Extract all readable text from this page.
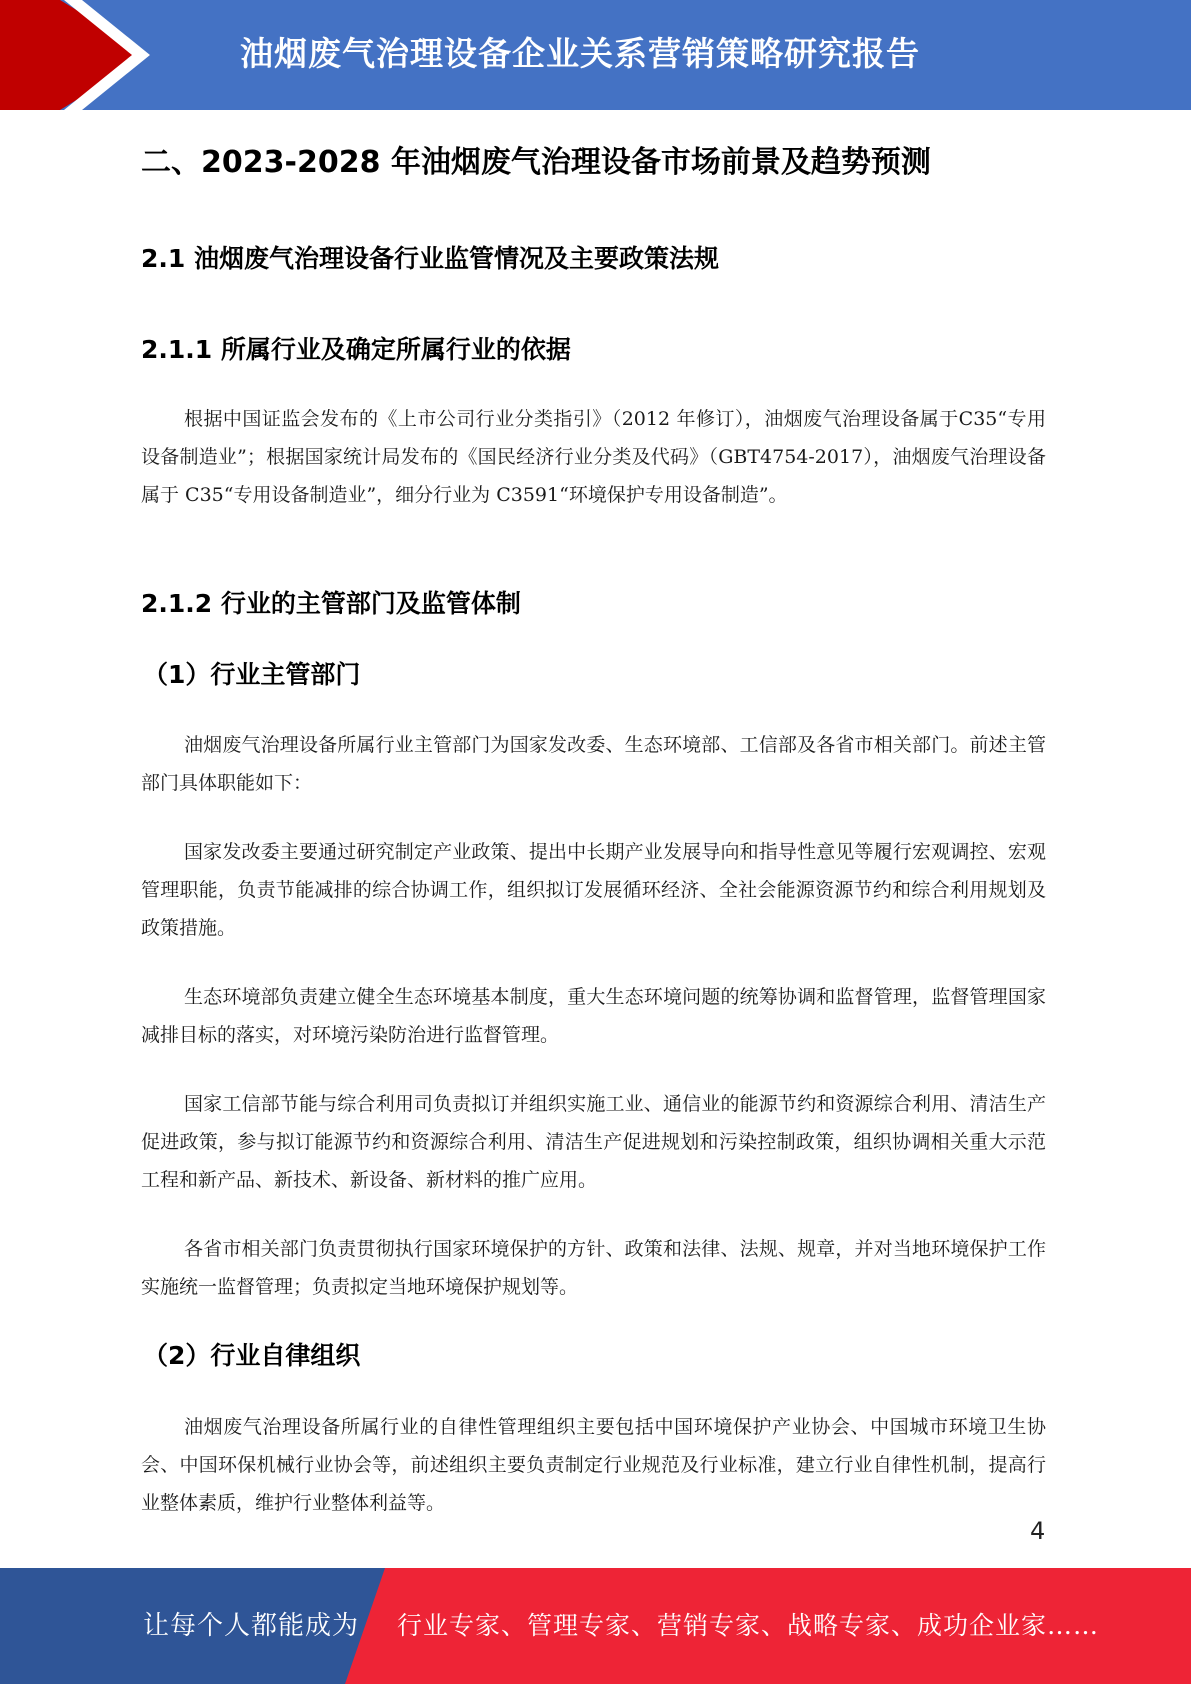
油烟废气治理设备企业关系营销策略研究报告
二、2023-2028 年油烟废气治理设备市场前景及趋势预测
2.1 油烟废气治理设备行业监管情况及主要政策法规
2.1.1 所属行业及确定所属行业的依据

根据中国证监会发布的《上市公司行业分类指引》（2012 年修订），油烟废气治理设备属于C35“专用设备制造业”；根据国家统计局发布的《国民经济行业分类及代码》（GBT4754-2017），油烟废气治理设备属于 C35“专用设备制造业”，细分行业为 C3591“环境保护专用设备制造”。

2.1.2 行业的主管部门及监管体制
（1）行业主管部门

油烟废气治理设备所属行业主管部门为国家发改委、生态环境部、工信部及各省市相关部门。前述主管部门具体职能如下：

国家发改委主要通过研究制定产业政策、提出中长期产业发展导向和指导性意见等履行宏观调控、宏观管理职能，负责节能减排的综合协调工作，组织拟订发展循环经济、全社会能源资源节约和综合利用规划及政策措施。

生态环境部负责建立健全生态环境基本制度，重大生态环境问题的统筹协调和监督管理，监督管理国家减排目标的落实，对环境污染防治进行监督管理。

国家工信部节能与综合利用司负责拟订并组织实施工业、通信业的能源节约和资源综合利用、清洁生产促进政策，参与拟订能源节约和资源综合利用、清洁生产促进规划和污染控制政策，组织协调相关重大示范工程和新产品、新技术、新设备、新材料的推广应用。

各省市相关部门负责贯彻执行国家环境保护的方针、政策和法律、法规、规章，并对当地环境保护工作实施统一监督管理；负责拟定当地环境保护规划等。

（2）行业自律组织

油烟废气治理设备所属行业的自律性管理组织主要包括中国环境保护产业协会、中国城市环境卫生协会、中国环保机械行业协会等，前述组织主要负责制定行业规范及行业标准，建立行业自律性机制，提高行业整体素质，维护行业整体利益等。

4
让每个人都能成为 行业专家、管理专家、营销专家、战略专家、成功企业家……
